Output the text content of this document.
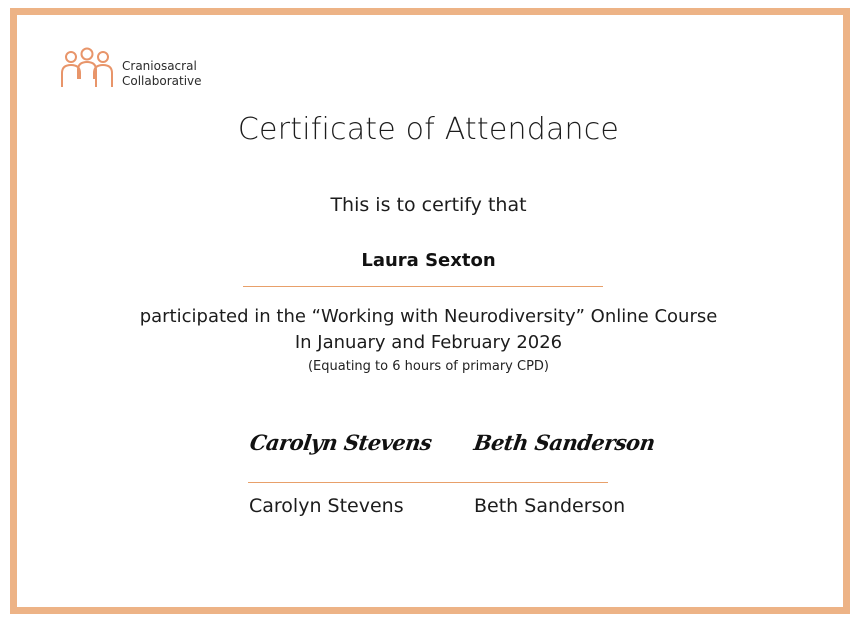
Craniosacral
Collaborative
Certificate of Attendance
This is to certify that
Laura Sexton
participated in the “Working with Neurodiversity” Online Course
In January and February 2026
(Equating to 6 hours of primary CPD)
Carolyn Stevens Beth Sanderson
Carolyn Stevens	Beth Sanderson
